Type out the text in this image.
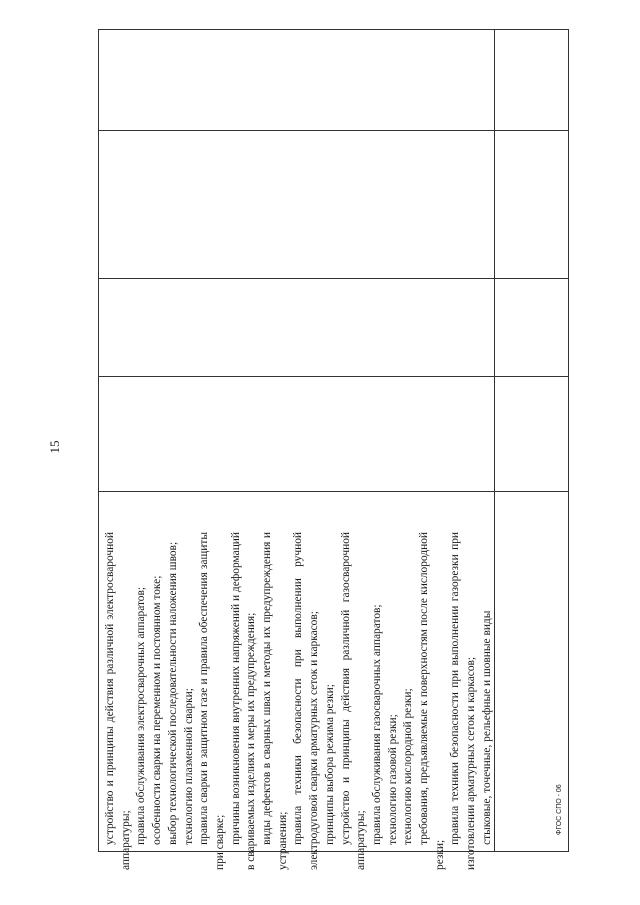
15
устройство и принципы действия различной электросварочной аппаратуры; правила обслуживания электросварочных аппаратов; особенности сварки на переменном и постоянном токе; выбор технологической последовательности наложения швов; технологию плазменной сварки; правила сварки в защитном газе и правила обеспечения защиты при сварке; причины возникновения внутренних напряжений и деформаций в свариваемых изделиях и меры их предупреждения; виды дефектов в сварных швах и методы их предупреждения и устранения; правила техники безопасности при выполнении ручной электродуговой сварки арматурных сеток и каркасов; принципы выбора режима резки; устройство и принципы действия различной газосварочной аппаратуры; правила обслуживания газосварочных аппаратов; технологию газовой резки; технологию кислородной резки; требования, предъявляемые к поверхностям после кислородной резки;
правила техники безопасности при выполнении газорезки при изготовлении арматурных сеток и каркасов; стыковые, точечные, рельефные и шовные виды	ФГОС СПО - 06
